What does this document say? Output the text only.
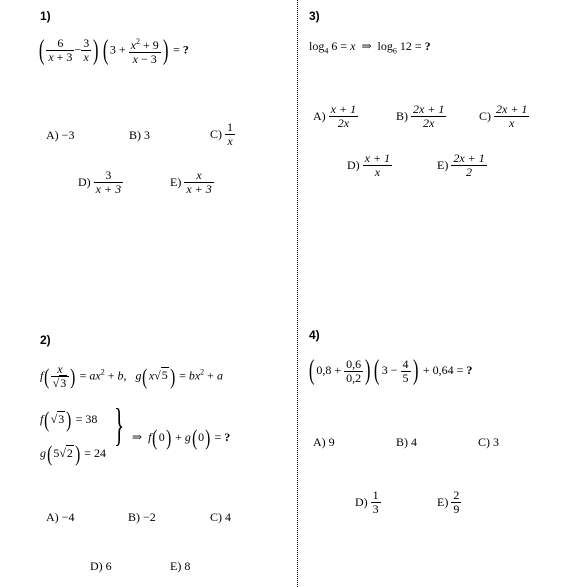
1)
( $\frac{6}{x + 3} - \frac{3}{x}$ ) ( $3 + \frac{x^2 + 9}{x - 3}$ ) = ?
A) −3	B) 3	$C) \frac{1}{x}$
$D) \frac{3}{x + 3}$	$E) \frac{x}{x + 3}$
3)
$\log_4 6 = x$  ⇒  $\log_6 12$ = ?
$A) \frac{x + 1}{2x}$	$B) \frac{2x + 1}{2x}$	$C) \frac{2x + 1}{x}$
$D) \frac{x + 1}{x}$	$E) \frac{2x + 1}{2}$
2)
$f( \frac{x}{√3}$ ) = $ax^2 + b$,   $g(x√5) = bx^2 + a$
f(√3) = 38
g(5√2) = 24
} ⇒  f(0) + g(0) = ?
A) −4	B) −2	C) 4
D) 6	E) 8
4)
( $0,8 + \frac{0,6}{0,2}$ ) ( $3 - \frac{4}{5}$ ) + 0,64 = ?
A) 9	B) 4	C) 3
$D) \frac{1}{3}$	$E) \frac{2}{9}$
